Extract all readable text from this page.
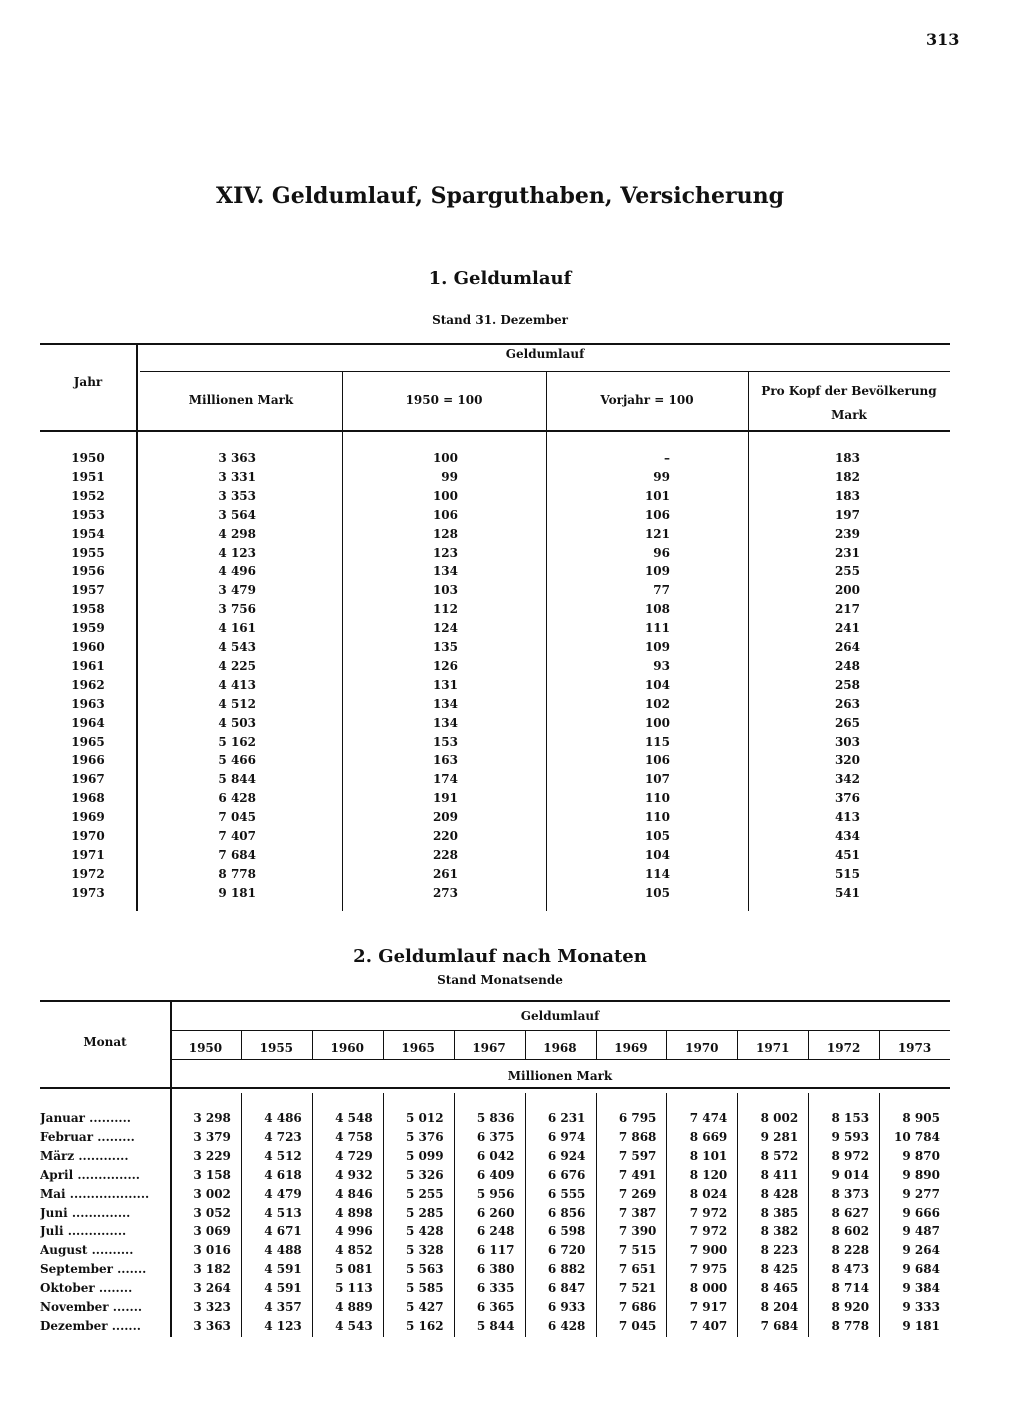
313
XIV. Geldumlauf, Sparguthaben, Versicherung
1. Geldumlauf
Stand 31. Dezember
Jahr
Geldumlauf
Millionen Mark	1950 = 100	Vorjahr = 100
Pro Kopf der Bevölkerung
Mark
1950	3 363	100	–	183
1951	3 331	99	99	182
1952	3 353	100	101	183
1953	3 564	106	106	197
1954	4 298	128	121	239
1955	4 123	123	96	231
1956	4 496	134	109	255
1957	3 479	103	77	200
1958	3 756	112	108	217
1959	4 161	124	111	241
1960	4 543	135	109	264
1961	4 225	126	93	248
1962	4 413	131	104	258
1963	4 512	134	102	263
1964	4 503	134	100	265
1965	5 162	153	115	303
1966	5 466	163	106	320
1967	5 844	174	107	342
1968	6 428	191	110	376
1969	7 045	209	110	413
1970	7 407	220	105	434
1971	7 684	228	104	451
1972	8 778	261	114	515
1973	9 181	273	105	541
2. Geldumlauf nach Monaten
Stand Monatsende
Monat
Geldumlauf
Millionen Mark
1950	1955	1960	1965	1967	1968	1969	1970	1971	1972	1973
Januar ..........	3 298	4 486	4 548	5 012	5 836	6 231	6 795	7 474	8 002	8 153	8 905
Februar .........	3 379	4 723	4 758	5 376	6 375	6 974	7 868	8 669	9 281	9 593	10 784
März ............	3 229	4 512	4 729	5 099	6 042	6 924	7 597	8 101	8 572	8 972	9 870
April ...............	3 158	4 618	4 932	5 326	6 409	6 676	7 491	8 120	8 411	9 014	9 890
Mai ...................	3 002	4 479	4 846	5 255	5 956	6 555	7 269	8 024	8 428	8 373	9 277
Juni ..............	3 052	4 513	4 898	5 285	6 260	6 856	7 387	7 972	8 385	8 627	9 666
Juli ..............	3 069	4 671	4 996	5 428	6 248	6 598	7 390	7 972	8 382	8 602	9 487
August ..........	3 016	4 488	4 852	5 328	6 117	6 720	7 515	7 900	8 223	8 228	9 264
September .......	3 182	4 591	5 081	5 563	6 380	6 882	7 651	7 975	8 425	8 473	9 684
Oktober ........	3 264	4 591	5 113	5 585	6 335	6 847	7 521	8 000	8 465	8 714	9 384
November .......	3 323	4 357	4 889	5 427	6 365	6 933	7 686	7 917	8 204	8 920	9 333
Dezember .......	3 363	4 123	4 543	5 162	5 844	6 428	7 045	7 407	7 684	8 778	9 181
